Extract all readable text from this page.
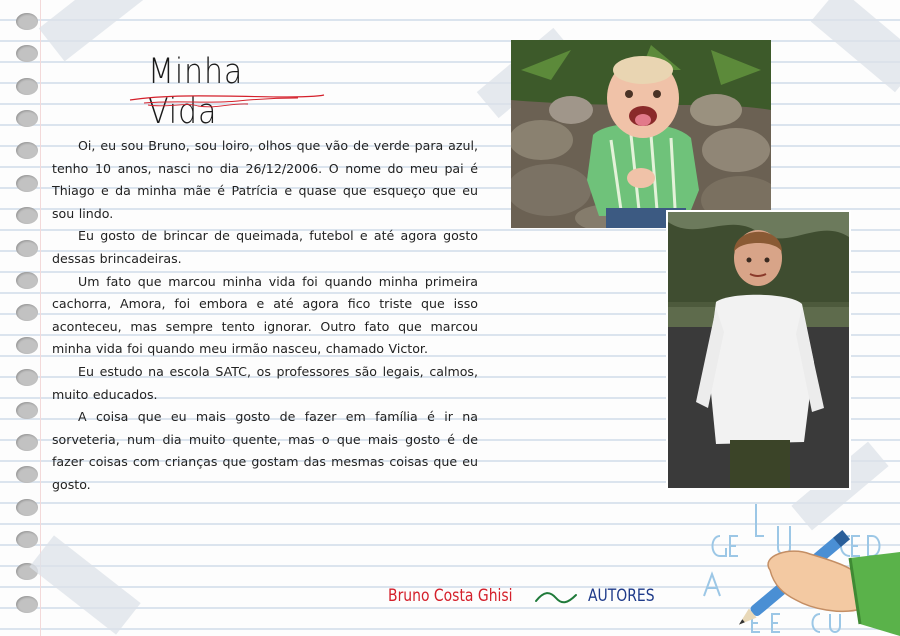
Minha Vida

Oi, eu sou Bruno, sou loiro, olhos que vão de verde para azul, tenho 10 anos, nasci no dia 26/12/2006. O nome do meu pai é Thiago e da minha mãe é Patrícia e quase que esqueço que eu sou lindo.

Eu gosto de brincar de queimada, futebol e até agora gosto dessas brincadeiras.

Um fato que marcou minha vida foi quando minha primeira cachorra, Amora, foi embora e até agora fico triste que isso aconteceu, mas sempre tento ignorar. Outro fato que marcou minha vida foi quando meu irmão nasceu, chamado Victor.

Eu estudo na escola SATC, os professores são legais, calmos, muito educados.

A coisa que eu mais gosto de fazer em família é ir na sorveteria, num dia muito quente, mas o que mais gosto é de fazer coisas com crianças que gostam das mesmas coisas que eu gosto.

Bruno Costa Ghisi	AUTORES
